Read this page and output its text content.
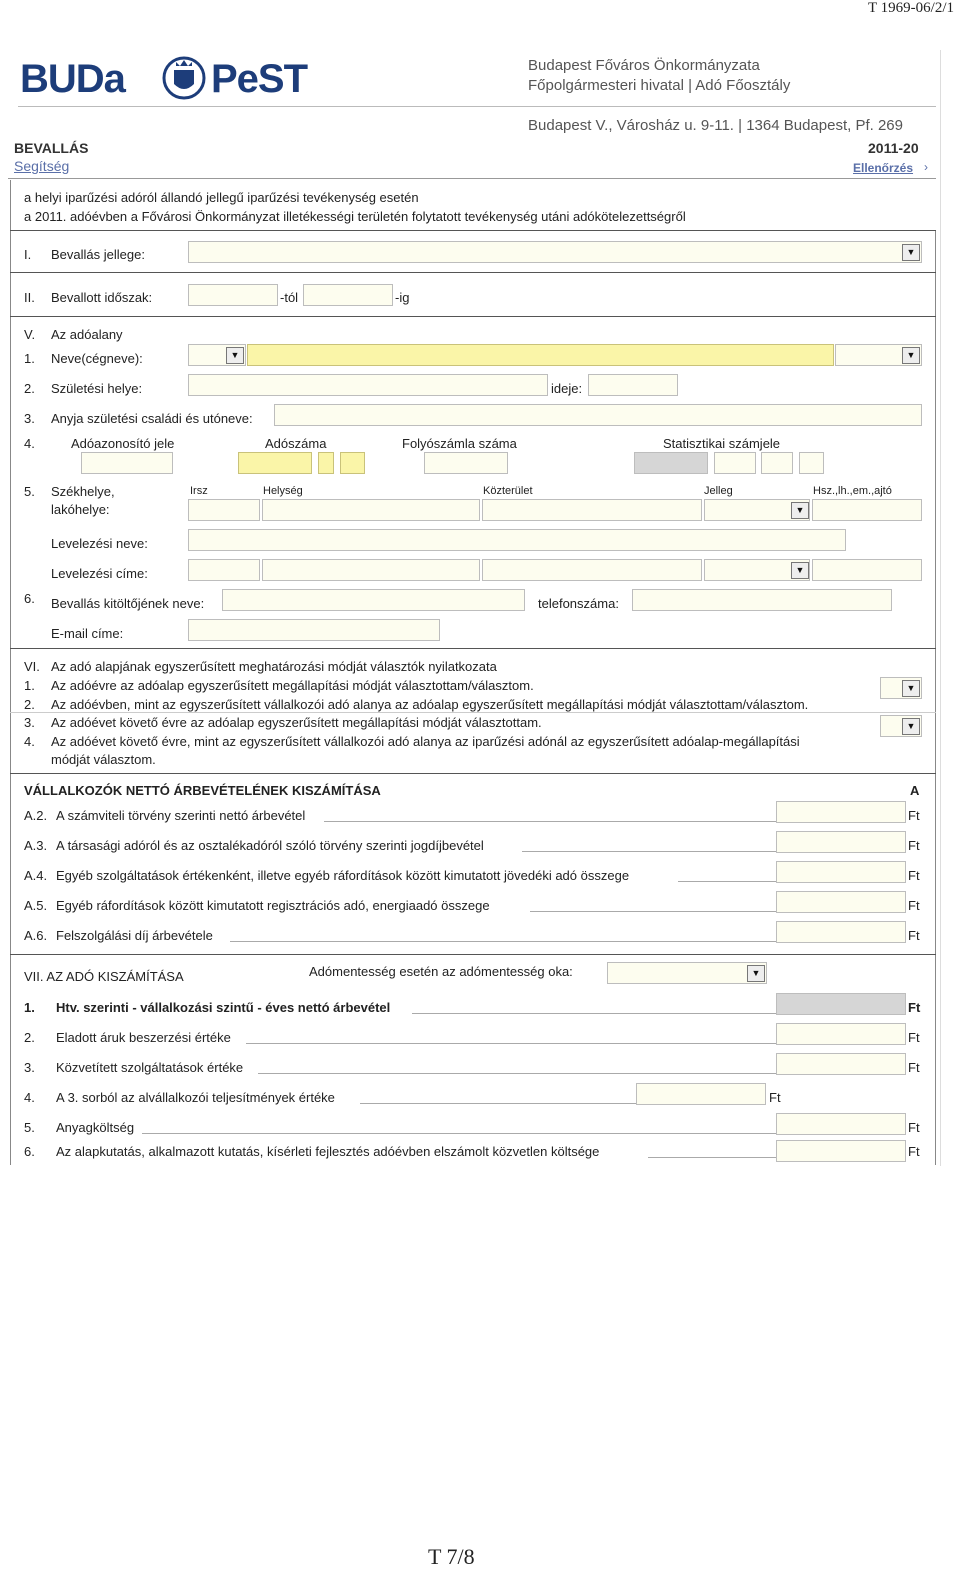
T 1969-06/2/1
BUDa PeST	Budapest Főváros Önkormányzata
Főpolgármesteri hivatal | Adó Főosztály
Budapest V., Városház u. 9-11. | 1364 Budapest, Pf. 269
BEVALLÁS	2011-20
Segítség	Ellenőrzés ›
a helyi iparűzési adóról állandó jellegű iparűzési tevékenység esetén
a 2011. adóévben a Fővárosi Önkormányzat illetékességi területén folytatott tevékenység utáni adókötelezettségről
I. Bevallás jellege:	▼
II. Bevallott időszak:	-tól	-ig
V. Az adóalany
1. Neve(cégneve):	▼	▼
2. Születési helye:	ideje:
3. Anyja születési családi és utóneve:
4.	Adóazonosító jele	Adószáma	Folyószámla száma	Statisztikai számjele
5. Székhelye,
lakóhelye:
Irsz	Helység	Közterület	Jelleg	Hsz.,lh.,em.,ajtó
▼
Levelezési neve:
Levelezési címe:	▼
6. Bevallás kitöltőjének neve:	telefonszáma:
E-mail címe:
VI. Az adó alapjának egyszerűsített meghatározási módját választók nyilatkozata
1. Az adóévre az adóalap egyszerűsített megállapítási módját választottam/választom.
2. Az adóévben, mint az egyszerűsített vállalkozói adó alanya az adóalap egyszerűsített megállapítási módját választottam/választom.
3. Az adóévet követő évre az adóalap egyszerűsített megállapítási módját választottam.
4. Az adóévet követő évre, mint az egyszerűsített vállalkozói adó alanya az iparűzési adónál az egyszerűsített adóalap-megállapítási
módját választom.
▼
▼
VÁLLALKOZÓK NETTÓ ÁRBEVÉTELÉNEK KISZÁMÍTÁSA	A
A.2. A számviteli törvény szerinti nettó árbevétel	Ft
A.3. A társasági adóról és az osztalékadóról szóló törvény szerinti jogdíjbevétel	Ft
A.4. Egyéb szolgáltatások értékenként, illetve egyéb ráfordítások között kimutatott jövedéki adó összege	Ft
A.5. Egyéb ráfordítások között kimutatott regisztrációs adó, energiaadó összege	Ft
A.6. Felszolgálási díj árbevétele	Ft
VII. AZ ADÓ KISZÁMÍTÁSA	Adómentesség esetén az adómentesség oka:	▼
1. Htv. szerinti - vállalkozási szintű - éves nettó árbevétel	Ft
2. Eladott áruk beszerzési értéke	Ft
3. Közvetített szolgáltatások értéke	Ft
4. A 3. sorból az alvállalkozói teljesítmények értéke	Ft
5. Anyagköltség	Ft
6. Az alapkutatás, alkalmazott kutatás, kísérleti fejlesztés adóévben elszámolt közvetlen költsége	Ft
T 7/8
